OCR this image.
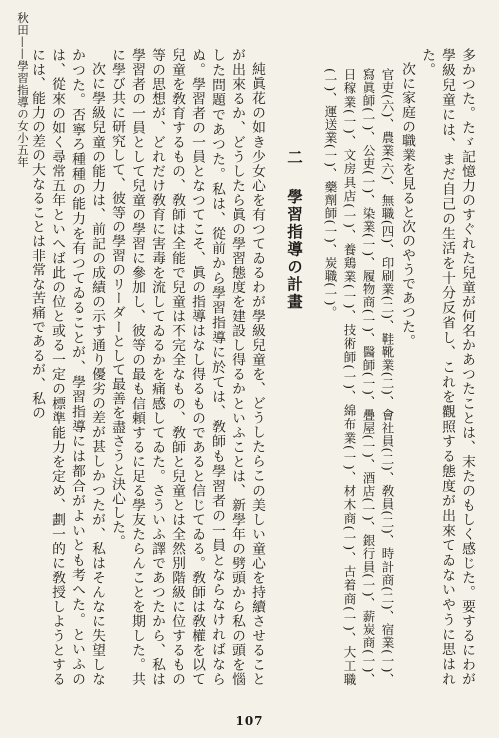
秋田——學習指導の女小五年	多かつた。たゞ記憶力のすぐれた兒童が何名かあつたことは、末たのもしく感じた。要するにわが學級兒童には、まだ自己の生活を十分反省し、これを觀照する態度が出來てゐないやうに思はれた。

次に家庭の職業を見ると次のやうであつた。

官吏(六)、農業(六)、無職(四)、印刷業(二)、鞋靴業(二)、會社員(二)、敎員(二)、時計商(二)、宿業(一)、寫眞師(一)、公吏(一)、染業(一)、履物商(一)、醫師(一)、疊屋(一)、酒店(一)、銀行員(一)、薪炭商(一)、日稼業(一)、文房具店(一)、養鶏業(一)、技術師(一)、綿布業(一)、材木商(一)、古着商(一)、大工職(一)、運送業(一)、藥劑師(一)、炭職(一)。

二學習指導の計畫

純眞花の如き少女心を有つてゐるわが學級兒童を、どうしたらこの美しい童心を持續させることが出來るか、どうしたら眞の學習態度を建設し得るかといふことは、新學年の劈頭から私の頭を惱した問題であつた。私は、從前から學習指導に於ては、敎師も學習者の一員とならなければならぬ。學習者の一員となつてこそ、眞の指導はなし得るものであると信じてゐる。敎師は敎權を以て兒童を敎育するもの、敎師は全能で兒童は不完全なもの、敎師と兒童とは全然別階級に位するもの等の思想が、どれだけ敎育に害毒を流してゐるかを痛感してゐた。さういふ譯であつたから、私は學習者の一員として兒童の學習に參加し、彼等の最も信頼するに足る學友たらんことを期した。共に學び共に研究して、彼等の學習のリーダーとして最善を盡さうと決心した。

次に學級兒童の能力は、前記の成績の示す通り優劣の差が甚しかつたが、私はそんなに失望しなかつた。否寧ろ種種の能力を有つてゐることが、學習指導には都合がよいとも考へた。といふのは、從來の如く尋常五年といへば此の位と或る一定の標準能力を定め、劃一的に敎授しようとするには、能力の差の大なることは非常な苦痛であるが、私の

107
